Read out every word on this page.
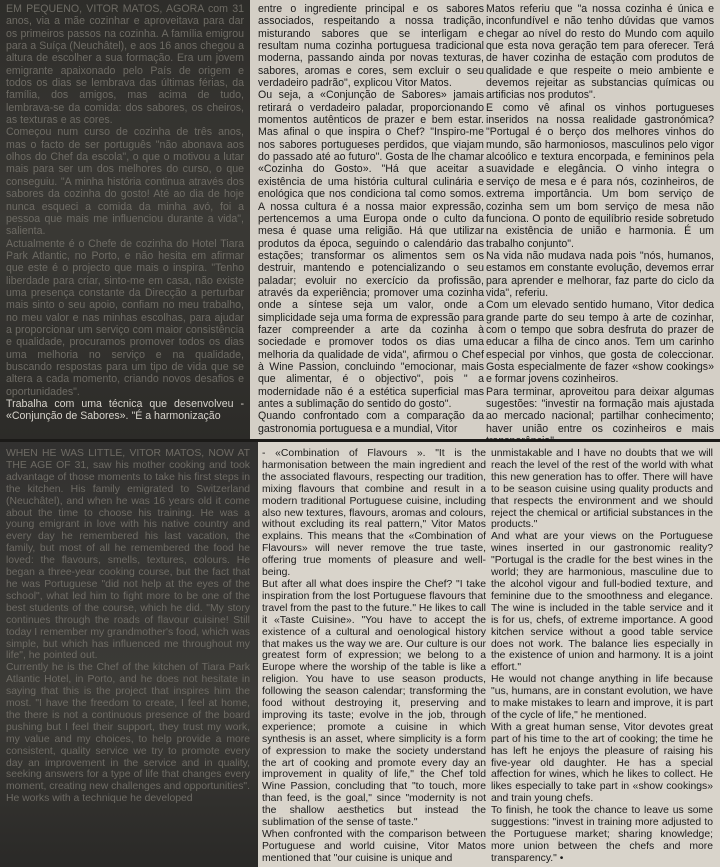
EM PEQUENO, VITOR MATOS, AGORA com 31 anos, via a mãe cozinhar e aproveitava para dar os primeiros passos na cozinha. A família emigrou para a Suíça (Neuchâtel), e aos 16 anos chegou a altura de escolher a sua formação. Era um jovem emigrante apaixonado pelo País de origem e todos os dias se lembrava das últimas férias, da família, dos amigos, mas acima de tudo, lembrava-se da comida: dos sabores, os cheiros, as texturas e as cores.

Começou num curso de cozinha de três anos, mas o facto de ser português "não abonava aos olhos do Chef da escola", o que o motivou a lutar mais para ser um dos melhores do curso, o que conseguiu. "A minha história continua através dos sabores da cozinha do gosto! Até ao dia de hoje nunca esqueci a comida da minha avó, foi a pessoa que mais me influenciou durante a vida", salienta.

Actualmente é o Chefe de cozinha do Hotel Tiara Park Atlantic, no Porto, e não hesita em afirmar que este é o projecto que mais o inspira. "Tenho liberdade para criar, sinto-me em casa, não existe uma presença constante da Direcção a perturbar mais sinto o seu apoio, confiam no meu trabalho, no meu valor e nas minhas escolhas, para ajudar a proporcionar um serviço com maior consistência e qualidade, procuramos promover todos os dias uma melhoria no serviço e na qualidade, buscando respostas para um tipo de vida que se altera a cada momento, criando novos desafios e oportunidades".

Trabalha com uma técnica que desenvolveu - «Conjunção de Sabores». "É a harmonização

entre o ingrediente principal e os sabores associados, respeitando a nossa tradição, misturando sabores que se interligam e resultam numa cozinha portuguesa tradicional moderna, passando ainda por novas texturas, sabores, aromas e cores, sem excluir o seu verdadeiro padrão", explicou Vitor Matos.

Ou seja, a «Conjunção de Sabores» jamais retirará o verdadeiro paladar, proporcionando momentos autênticos de prazer e bem estar. Mas afinal o que inspira o Chef? "Inspiro-me nos sabores portugueses perdidos, que viajam do passado até ao futuro". Gosta de lhe chamar «Cozinha do Gosto». "Há que aceitar a existência de uma história cultural culinária e enológica que nos condiciona tal como somos. A nossa cultura é a nossa maior expressão, pertencemos a uma Europa onde o culto da mesa é quase uma religião. Há que utilizar produtos da época, seguindo o calendário das estações; transformar os alimentos sem os destruir, mantendo e potencializando o seu paladar; evoluir no exercício da profissão, através da experiência; promover uma cozinha onde a síntese seja um valor, onde a simplicidade seja uma forma de expressão para fazer compreender a arte da cozinha à sociedade e promover todos os dias uma melhoria da qualidade de vida", afirmou o Chef à Wine Passion, concluindo "emocionar, mais que alimentar, é o objectivo", pois " a modernidade não é a estética superficial mas antes a sublimação do sentido do gosto".

Quando confrontado com a comparação da gastronomia portuguesa e a mundial, Vitor

Matos referiu que "a nossa cozinha é única e inconfundível e não tenho dúvidas que vamos chegar ao nível do resto do Mundo com aquilo que esta nova geração tem para oferecer. Terá de haver cozinha de estação com produtos de qualidade e que respeite o meio ambiente e devemos rejeitar as substancias químicas ou artificias nos produtos".

E como vê afinal os vinhos portugueses inseridos na nossa realidade gastronómica? "Portugal é o berço dos melhores vinhos do mundo, são harmoniosos, masculinos pelo vigor alcoólico e textura encorpada, e femininos pela suavidade e elegância. O vinho integra o serviço de mesa e é para nós, cozinheiros, de extrema importância. Um bom serviço de cozinha sem um bom serviço de mesa não funciona. O ponto de equilíbrio reside sobretudo na existência de união e harmonia. É um trabalho conjunto".

Na vida não mudava nada pois "nós, humanos, estamos em constante evolução, devemos errar para aprender e melhorar, faz parte do ciclo da vida", referiu.

Com um elevado sentido humano, Vitor dedica grande parte do seu tempo à arte de cozinhar, com o tempo que sobra desfruta do prazer de educar a filha de cinco anos. Tem um carinho especial por vinhos, que gosta de coleccionar. Gosta especialmente de fazer «show cookings» e formar jovens cozinheiros.

Para terminar, aproveitou para deixar algumas sugestões: "investir na formação mais ajustada ao mercado nacional; partilhar conhecimento; haver união entre os cozinheiros e mais

WHEN HE WAS LITTLE, VITOR MATOS, NOW AT THE AGE OF 31, saw his mother cooking and took advantage of those moments to take his first steps in the kitchen. His family emigrated to Switzerland (Neuchâtel), and when he was 16 years old it come about the time to choose his training. He was a young emigrant in love with his native country and every day he remembered his last vacation, the family, but most of all he remembered the food he loved: the flavours, smells, textures, colours. He began a three-year cooking course, but the fact that he was Portuguese "did not help at the eyes of the school", what led him to fight more to be one of the best students of the course, which he did. "My story continues through the roads of flavour cuisine! Still today I remember my grandmother's food, which was simple, but which has influenced me throughout my life", he pointed out.

Currently he is the Chef of the kitchen of Tiara Park Atlantic Hotel, in Porto, and he does not hesitate in saying that this is the project that inspires him the most. "I have the freedom to create, I feel at home, the there is not a continuous presence of the board pushing but I feel their support, they trust my work, my value and my choices, to help provide a more consistent, quality service we try to promote every day an improvement in the service and in quality, seeking answers for a type of life that changes every moment, creating new challenges and opportunities".

He works with a technique he developed

- «Combination of Flavours ». "It is the harmonisation between the main ingredient and the associated flavours, respecting our tradition, mixing flavours that combine and result in a modern traditional Portuguese cuisine, including also new textures, flavours, aromas and colours, without excluding its real pattern," Vitor Matos explains. This means that the «Combination of Flavours» will never remove the true taste, offering true moments of pleasure and well-being.

But after all what does inspire the Chef? "I take inspiration from the lost Portuguese flavours that travel from the past to the future." He likes to call it «Taste Cuisine». "You have to accept the existence of a cultural and oenological history that makes us the way we are. Our culture is our greatest form of expression; we belong to a Europe where the worship of the table is like a religion. You have to use season products, following the season calendar; transforming the food without destroying it, preserving and improving its taste; evolve in the job, through experience; promote a cuisine in which synthesis is an asset, where simplicity is a form of expression to make the society understand the art of cooking and promote every day an improvement in quality of life," the Chef told Wine Passion, concluding that "to touch, more than feed, is the goal," since "modernity is not the shallow aesthetics but instead the sublimation of the sense of taste."

When confronted with the comparison between Portuguese and world cuisine, Vitor Matos mentioned that "our cuisine is unique and

unmistakable and I have no doubts that we will reach the level of the rest of the world with what this new generation has to offer. There will have to be season cuisine using quality products and that respects the environment and we should reject the chemical or artificial substances in the products."

And what are your views on the Portuguese wines inserted in our gastronomic reality? "Portugal is the cradle for the best wines in the world; they are harmonious, masculine due to the alcohol vigour and full-bodied texture, and feminine due to the smoothness and elegance. The wine is included in the table service and it is for us, chefs, of extreme importance. A good kitchen service without a good table service does not work. The balance lies especially in the existence of union and harmony. It is a joint effort."

He would not change anything in life because "us, humans, are in constant evolution, we have to make mistakes to learn and improve, it is part of the cycle of life," he mentioned.

With a great human sense, Vitor devotes great part of his time to the art of cooking; the time he has left he enjoys the pleasure of raising his five-year old daughter. He has a special affection for wines, which he likes to collect. He likes especially to take part in «show cookings» and train young chefs.

To finish, he took the chance to leave us some suggestions: "invest in training more adjusted to the Portuguese market; sharing knowledge; more union between the chefs and more transparency." •
